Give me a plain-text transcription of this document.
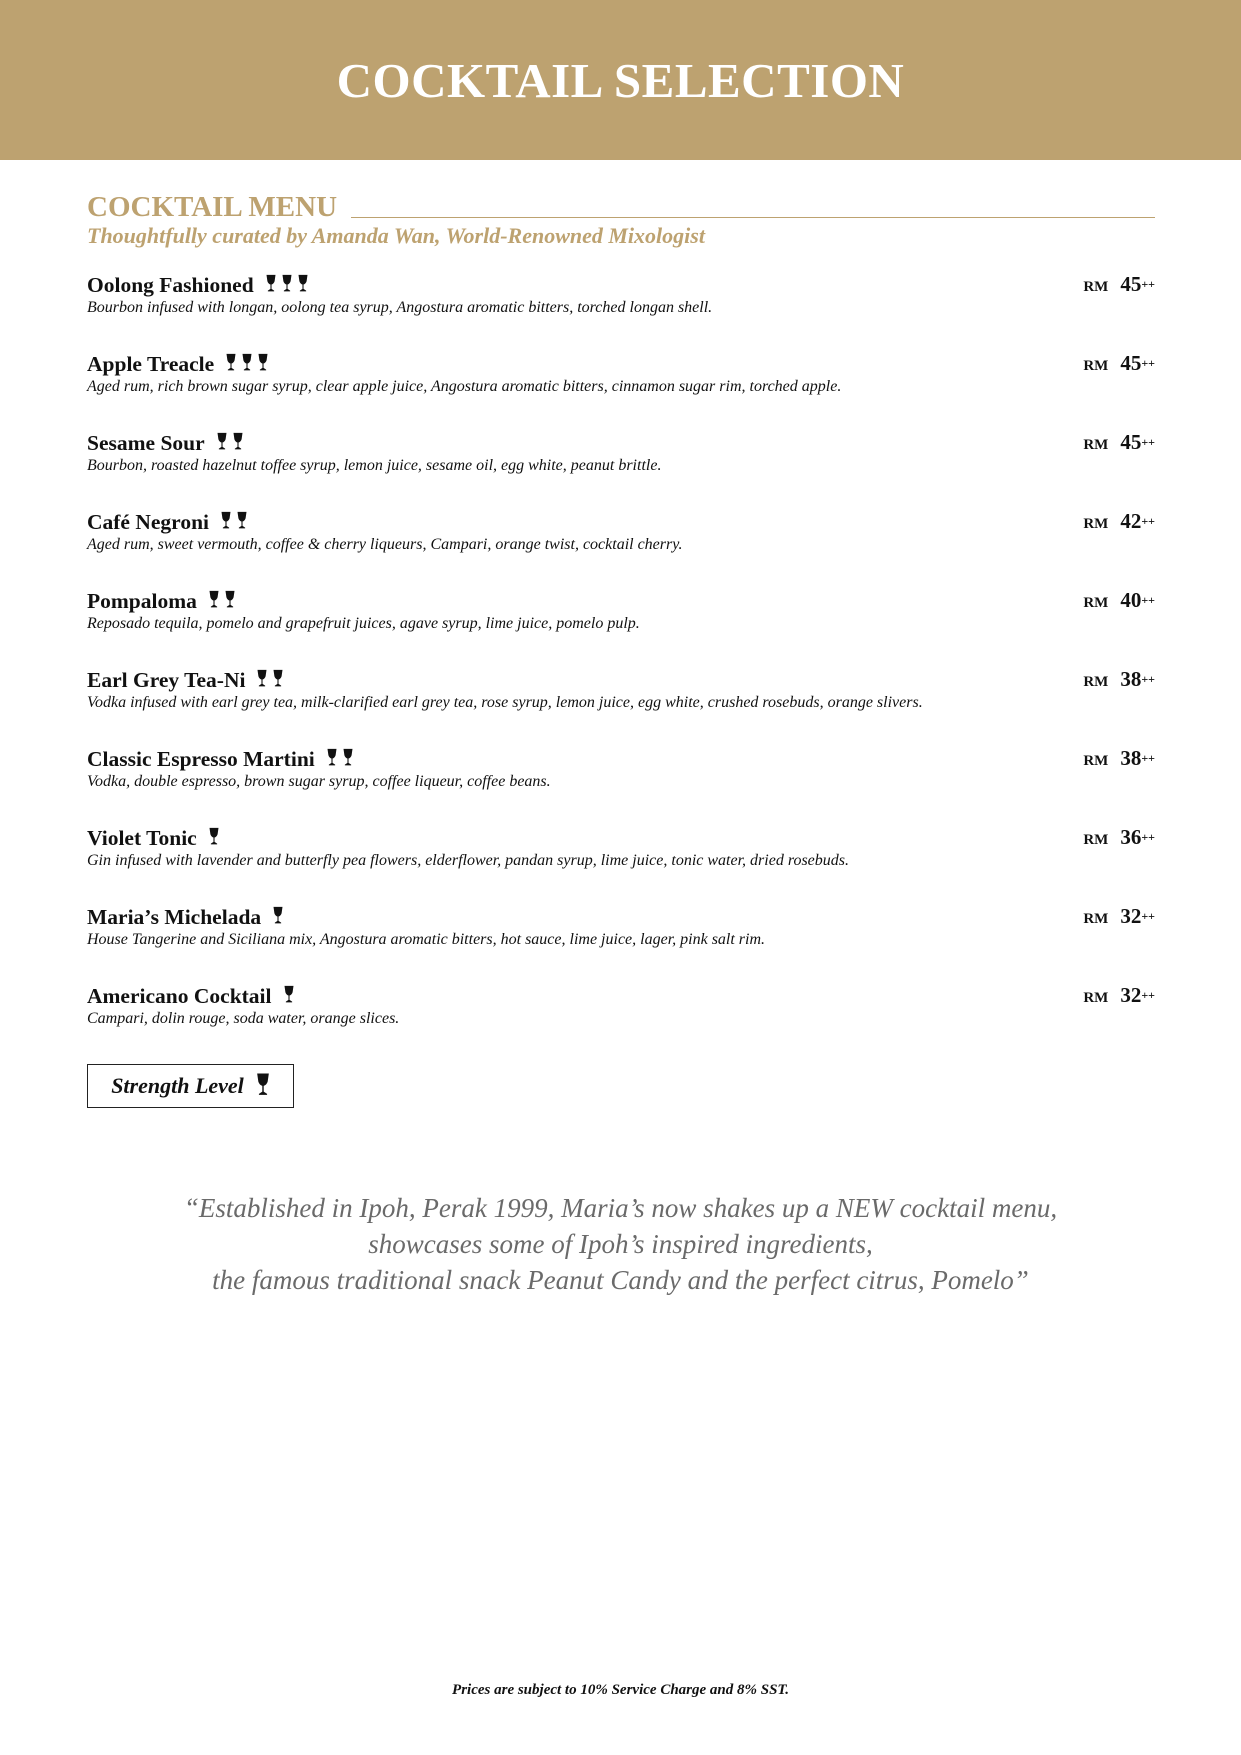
COCKTAIL SELECTION
COCKTAIL MENU
Thoughtfully curated by Amanda Wan, World-Renowned Mixologist
Oolong Fashioned
Bourbon infused with longan, oolong tea syrup, Angostura aromatic bitters, torched longan shell.
RM 45 ++
Apple Treacle
Aged rum, rich brown sugar syrup, clear apple juice, Angostura aromatic bitters, cinnamon sugar rim, torched apple.
RM 45 ++
Sesame Sour
Bourbon, roasted hazelnut toffee syrup, lemon juice, sesame oil, egg white, peanut brittle.
RM 45 ++
Café Negroni
Aged rum, sweet vermouth, coffee & cherry liqueurs, Campari, orange twist, cocktail cherry.
RM 42 ++
Pompaloma
Reposado tequila, pomelo and grapefruit juices, agave syrup, lime juice, pomelo pulp.
RM 40 ++
Earl Grey Tea-Ni
Vodka infused with earl grey tea, milk-clarified earl grey tea, rose syrup, lemon juice, egg white, crushed rosebuds, orange slivers.
RM 38 ++
Classic Espresso Martini
Vodka, double espresso, brown sugar syrup, coffee liqueur, coffee beans.
RM 38 ++
Violet Tonic
Gin infused with lavender and butterfly pea flowers, elderflower, pandan syrup, lime juice, tonic water, dried rosebuds.
RM 36 ++
Maria’s Michelada
House Tangerine and Siciliana mix, Angostura aromatic bitters, hot sauce, lime juice, lager, pink salt rim.
RM 32 ++
Americano Cocktail
Campari, dolin rouge, soda water, orange slices.
RM 32 ++
Strength Level
“Established in Ipoh, Perak 1999, Maria’s now shakes up a NEW cocktail menu,
showcases some of Ipoh’s inspired ingredients,
the famous traditional snack Peanut Candy and the perfect citrus, Pomelo”
Prices are subject to 10% Service Charge and 8% SST.
